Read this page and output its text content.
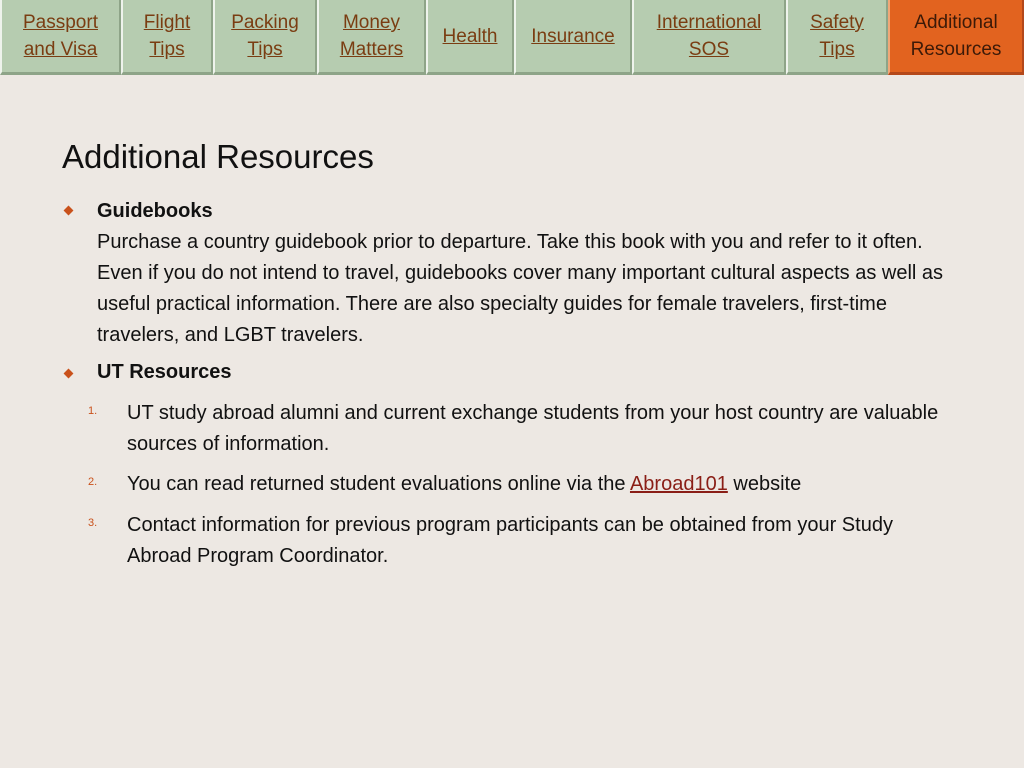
Passport
and Visa
Flight
Tips
Packing
Tips
Money
Matters
Health Insurance
International
SOS
Safety
Tips
Additional
Resources
Additional Resources
Guidebooks
Purchase a country guidebook prior to departure. Take this book with you and refer to it often. Even if you do not intend to travel, guidebooks cover many important cultural aspects as well as useful practical information. There are also specialty guides for female travelers, first-time travelers, and LGBT travelers.
UT Resources
1. UT study abroad alumni and current exchange students from your host country are valuable sources of information.
2. You can read returned student evaluations online via the Abroad101 website
3. Contact information for previous program participants can be obtained from your Study Abroad Program Coordinator.
